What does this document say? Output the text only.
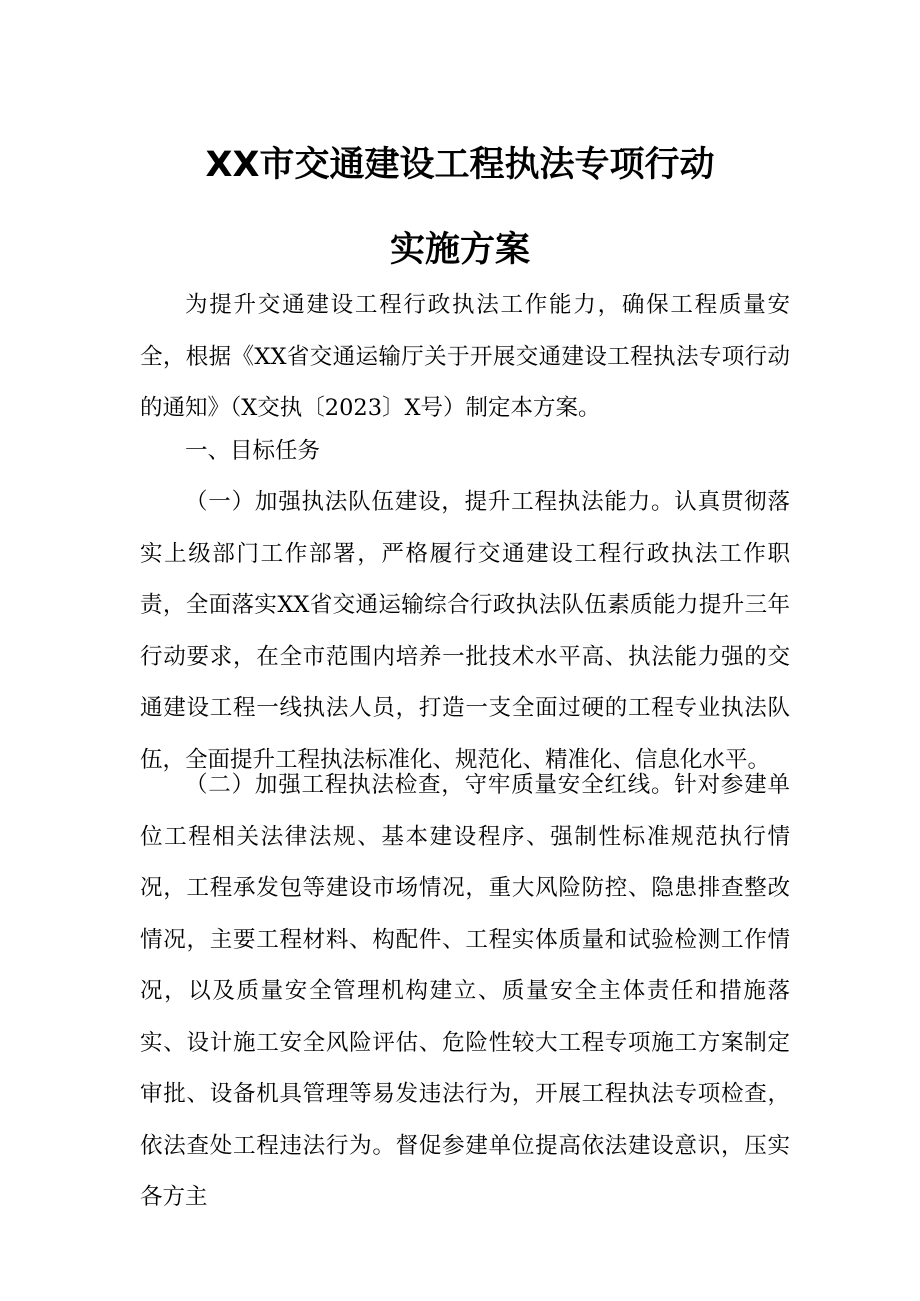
XX市交通建设工程执法专项行动
实施方案

为提升交通建设工程行政执法工作能力，确保工程质量安全，根据《XX省交通运输厅关于开展交通建设工程执法专项行动的通知》（X交执〔2023〕X号）制定本方案。

一、目标任务

（一）加强执法队伍建设，提升工程执法能力。认真贯彻落实上级部门工作部署，严格履行交通建设工程行政执法工作职责，全面落实XX省交通运输综合行政执法队伍素质能力提升三年行动要求，在全市范围内培养一批技术水平高、执法能力强的交通建设工程一线执法人员，打造一支全面过硬的工程专业执法队伍，全面提升工程执法标准化、规范化、精准化、信息化水平。

（二）加强工程执法检查，守牢质量安全红线。针对参建单位工程相关法律法规、基本建设程序、强制性标准规范执行情况，工程承发包等建设市场情况，重大风险防控、隐患排查整改情况，主要工程材料、构配件、工程实体质量和试验检测工作情况，以及质量安全管理机构建立、质量安全主体责任和措施落实、设计施工安全风险评估、危险性较大工程专项施工方案制定审批、设备机具管理等易发违法行为，开展工程执法专项检查，依法查处工程违法行为。督促参建单位提高依法建设意识，压实各方主
